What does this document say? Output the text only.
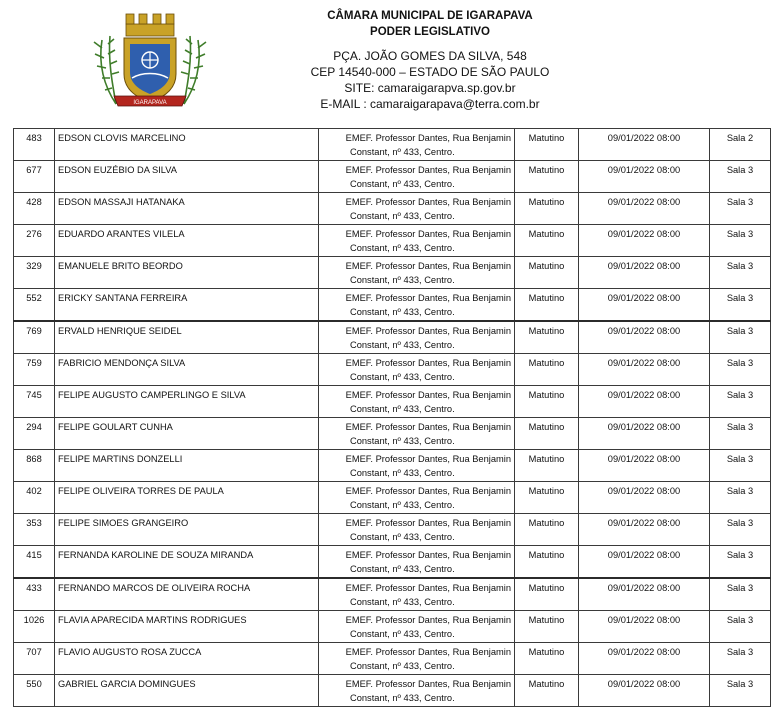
IGARAPAVA
CÂMARA MUNICIPAL DE IGARAPAVA
PODER LEGISLATIVO
PÇA. JOÃO GOMES DA SILVA, 548
CEP 14540-000 – ESTADO DE SÃO PAULO
SITE: camaraigarapva.sp.gov.br
E-MAIL : camaraigarapava@terra.com.br
483	EDSON CLOVIS MARCELINO	EMEF. Professor Dantes, Rua Benjamin
Constant, nº 433, Centro.	Matutino	09/01/2022 08:00	Sala 2
677	EDSON EUZÉBIO DA SILVA	EMEF. Professor Dantes, Rua Benjamin
Constant, nº 433, Centro.	Matutino	09/01/2022 08:00	Sala 3
428	EDSON MASSAJI HATANAKA	EMEF. Professor Dantes, Rua Benjamin
Constant, nº 433, Centro.	Matutino	09/01/2022 08:00	Sala 3
276	EDUARDO ARANTES VILELA	EMEF. Professor Dantes, Rua Benjamin
Constant, nº 433, Centro.	Matutino	09/01/2022 08:00	Sala 3
329	EMANUELE BRITO BEORDO	EMEF. Professor Dantes, Rua Benjamin
Constant, nº 433, Centro.	Matutino	09/01/2022 08:00	Sala 3
552	ERICKY SANTANA FERREIRA	EMEF. Professor Dantes, Rua Benjamin
Constant, nº 433, Centro.	Matutino	09/01/2022 08:00	Sala 3
769	ERVALD HENRIQUE SEIDEL	EMEF. Professor Dantes, Rua Benjamin
Constant, nº 433, Centro.	Matutino	09/01/2022 08:00	Sala 3
759	FABRICIO MENDONÇA SILVA	EMEF. Professor Dantes, Rua Benjamin
Constant, nº 433, Centro.	Matutino	09/01/2022 08:00	Sala 3
745	FELIPE AUGUSTO CAMPERLINGO E SILVA	EMEF. Professor Dantes, Rua Benjamin
Constant, nº 433, Centro.	Matutino	09/01/2022 08:00	Sala 3
294	FELIPE GOULART CUNHA	EMEF. Professor Dantes, Rua Benjamin
Constant, nº 433, Centro.	Matutino	09/01/2022 08:00	Sala 3
868	FELIPE MARTINS DONZELLI	EMEF. Professor Dantes, Rua Benjamin
Constant, nº 433, Centro.	Matutino	09/01/2022 08:00	Sala 3
402	FELIPE OLIVEIRA TORRES DE PAULA	EMEF. Professor Dantes, Rua Benjamin
Constant, nº 433, Centro.	Matutino	09/01/2022 08:00	Sala 3
353	FELIPE SIMOES GRANGEIRO	EMEF. Professor Dantes, Rua Benjamin
Constant, nº 433, Centro.	Matutino	09/01/2022 08:00	Sala 3
415	FERNANDA KAROLINE DE SOUZA MIRANDA	EMEF. Professor Dantes, Rua Benjamin
Constant, nº 433, Centro.	Matutino	09/01/2022 08:00	Sala 3
433	FERNANDO MARCOS DE OLIVEIRA ROCHA	EMEF. Professor Dantes, Rua Benjamin
Constant, nº 433, Centro.	Matutino	09/01/2022 08:00	Sala 3
1026	FLAVIA APARECIDA MARTINS RODRIGUES	EMEF. Professor Dantes, Rua Benjamin
Constant, nº 433, Centro.	Matutino	09/01/2022 08:00	Sala 3
707	FLAVIO AUGUSTO ROSA ZUCCA	EMEF. Professor Dantes, Rua Benjamin
Constant, nº 433, Centro.	Matutino	09/01/2022 08:00	Sala 3
550	GABRIEL GARCIA DOMINGUES	EMEF. Professor Dantes, Rua Benjamin
Constant, nº 433, Centro.	Matutino	09/01/2022 08:00	Sala 3
